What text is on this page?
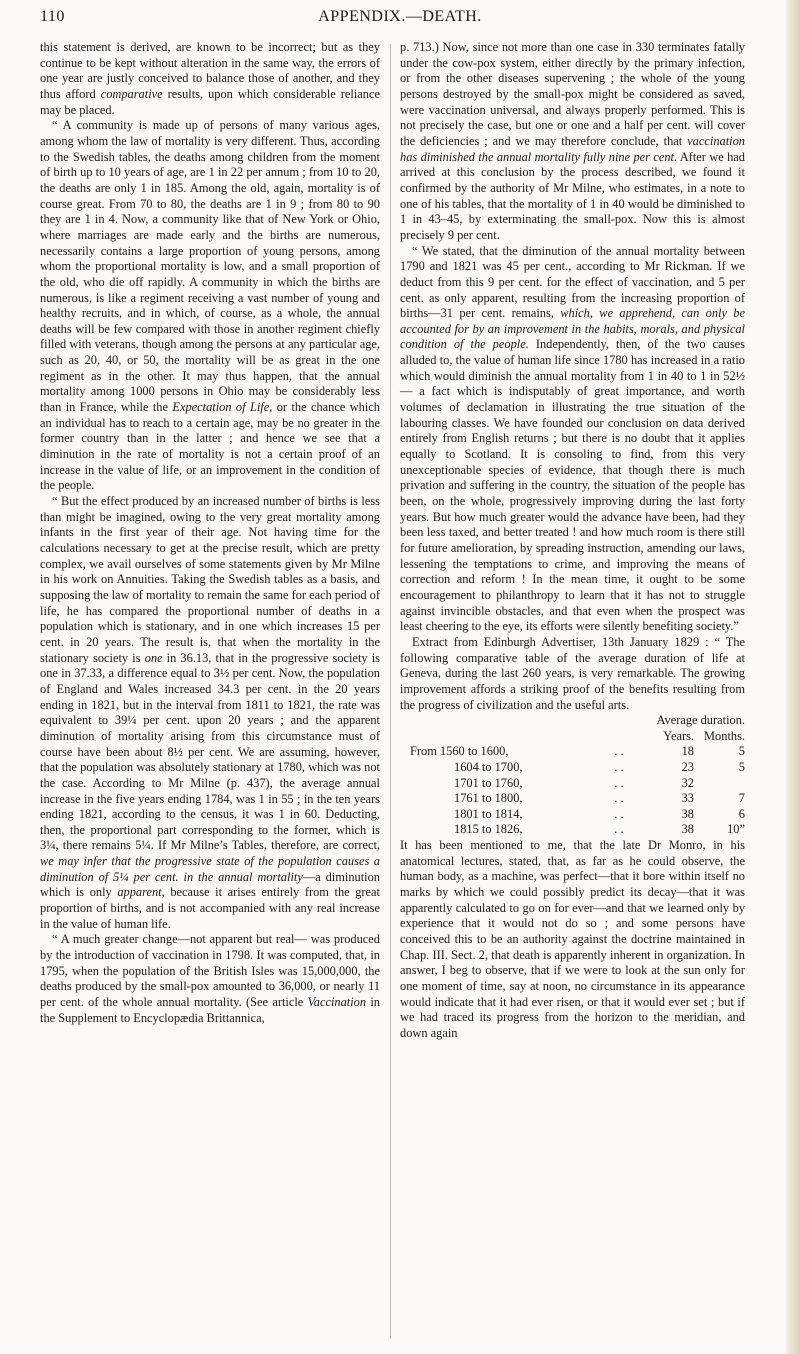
110	APPENDIX.—DEATH.

this statement is derived, are known to be incorrect; but as they continue to be kept without alteration in the same way, the errors of one year are justly conceived to balance those of another, and they thus afford comparative results, upon which considerable reliance may be placed.

“ A community is made up of persons of many various ages, among whom the law of mortality is very different. Thus, according to the Swedish tables, the deaths among children from the moment of birth up to 10 years of age, are 1 in 22 per annum ; from 10 to 20, the deaths are only 1 in 185. Among the old, again, mortality is of course great. From 70 to 80, the deaths are 1 in 9 ; from 80 to 90 they are 1 in 4. Now, a community like that of New York or Ohio, where marriages are made early and the births are numerous, necessarily contains a large proportion of young persons, among whom the proportional mortality is low, and a small proportion of the old, who die off rapidly. A community in which the births are numerous, is like a regiment receiving a vast number of young and healthy recruits, and in which, of course, as a whole, the annual deaths will be few compared with those in another regiment chiefly filled with veterans, though among the persons at any particular age, such as 20, 40, or 50, the mortality will be as great in the one regiment as in the other. It may thus happen, that the annual mortality among 1000 persons in Ohio may be considerably less than in France, while the Expectation of Life, or the chance which an individual has to reach to a certain age, may be no greater in the former country than in the latter ; and hence we see that a diminution in the rate of mortality is not a certain proof of an increase in the value of life, or an improvement in the condition of the people.

“ But the effect produced by an increased number of births is less than might be imagined, owing to the very great mortality among infants in the first year of their age. Not having time for the calculations necessary to get at the precise result, which are pretty complex, we avail ourselves of some statements given by Mr Milne in his work on Annuities. Taking the Swedish tables as a basis, and supposing the law of mortality to remain the same for each period of life, he has compared the proportional number of deaths in a population which is stationary, and in one which increases 15 per cent. in 20 years. The result is, that when the mortality in the stationary society is one in 36.13, that in the progressive society is one in 37.33, a difference equal to 3½ per cent. Now, the population of England and Wales increased 34.3 per cent. in the 20 years ending in 1821, but in the interval from 1811 to 1821, the rate was equivalent to 39¼ per cent. upon 20 years ; and the apparent diminution of mortality arising from this circumstance must of course have been about 8½ per cent. We are assuming, however, that the population was absolutely stationary at 1780, which was not the case. According to Mr Milne (p. 437), the average annual increase in the five years ending 1784, was 1 in 55 ; in the ten years ending 1821, according to the census, it was 1 in 60. Deducting, then, the proportional part corresponding to the former, which is 3¼, there remains 5¼. If Mr Milne’s Tables, therefore, are correct, we may infer that the progressive state of the population causes a diminution of 5¼ per cent. in the annual mortality—a diminution which is only apparent, because it arises entirely from the great proportion of births, and is not accompanied with any real increase in the value of human life.

“ A much greater change—not apparent but real— was produced by the introduction of vaccination in 1798. It was computed, that, in 1795, when the population of the British Isles was 15,000,000, the deaths produced by the small-pox amounted to 36,000, or nearly 11 per cent. of the whole annual mortality. (See article Vaccination in the Supplement to Encyclopædia Brittannica,

p. 713.) Now, since not more than one case in 330 terminates fatally under the cow-pox system, either directly by the primary infection, or from the other diseases supervening ; the whole of the young persons destroyed by the small-pox might be considered as saved, were vaccination universal, and always properly performed. This is not precisely the case, but one or one and a half per cent. will cover the deficiencies ; and we may therefore conclude, that vaccination has diminished the annual mortality fully nine per cent. After we had arrived at this conclusion by the process described, we found it confirmed by the authority of Mr Milne, who estimates, in a note to one of his tables, that the mortality of 1 in 40 would be diminished to 1 in 43–45, by exterminating the small-pox. Now this is almost precisely 9 per cent.

“ We stated, that the diminution of the annual mortality between 1790 and 1821 was 45 per cent., according to Mr Rickman. If we deduct from this 9 per cent. for the effect of vaccination, and 5 per cent. as only apparent, resulting from the increasing proportion of births—31 per cent. remains, which, we apprehend, can only be accounted for by an improvement in the habits, morals, and physical condition of the people. Independently, then, of the two causes alluded to, the value of human life since 1780 has increased in a ratio which would diminish the annual mortality from 1 in 40 to 1 in 52½— a fact which is indisputably of great importance, and worth volumes of declamation in illustrating the true situation of the labouring classes. We have founded our conclusion on data derived entirely from English returns ; but there is no doubt that it applies equally to Scotland. It is consoling to find, from this very unexceptionable species of evidence, that though there is much privation and suffering in the country, the situation of the people has been, on the whole, progressively improving during the last forty years. But how much greater would the advance have been, had they been less taxed, and better treated ! and how much room is there still for future amelioration, by spreading instruction, amending our laws, lessening the temptations to crime, and improving the means of correction and reform ! In the mean time, it ought to be some encouragement to philanthropy to learn that it has not to struggle against invincible obstacles, and that even when the prospect was least cheering to the eye, its efforts were silently benefiting society.”

Extract from Edinburgh Advertiser, 13th January 1829 : “ The following comparative table of the average duration of life at Geneva, during the last 260 years, is very remarkable. The growing improvement affords a striking proof of the benefits resulting from the progress of civilization and the useful arts.

		Average duration.	
		Years.	Months.
From 1560 to 1600,	. .	18	5
1604 to 1700,	. .	23	5
1701 to 1760,	. .	32	
1761 to 1800,	. .	33	7
1801 to 1814,	. .	38	6
1815 to 1826,	. .	38	10”

It has been mentioned to me, that the late Dr Monro, in his anatomical lectures, stated, that, as far as he could observe, the human body, as a machine, was perfect—that it bore within itself no marks by which we could possibly predict its decay—that it was apparently calculated to go on for ever—and that we learned only by experience that it would not do so ; and some persons have conceived this to be an authority against the doctrine maintained in Chap. III. Sect. 2, that death is apparently inherent in organization. In answer, I beg to observe, that if we were to look at the sun only for one moment of time, say at noon, no circumstance in its appearance would indicate that it had ever risen, or that it would ever set ; but if we had traced its progress from the horizon to the meridian, and down again
